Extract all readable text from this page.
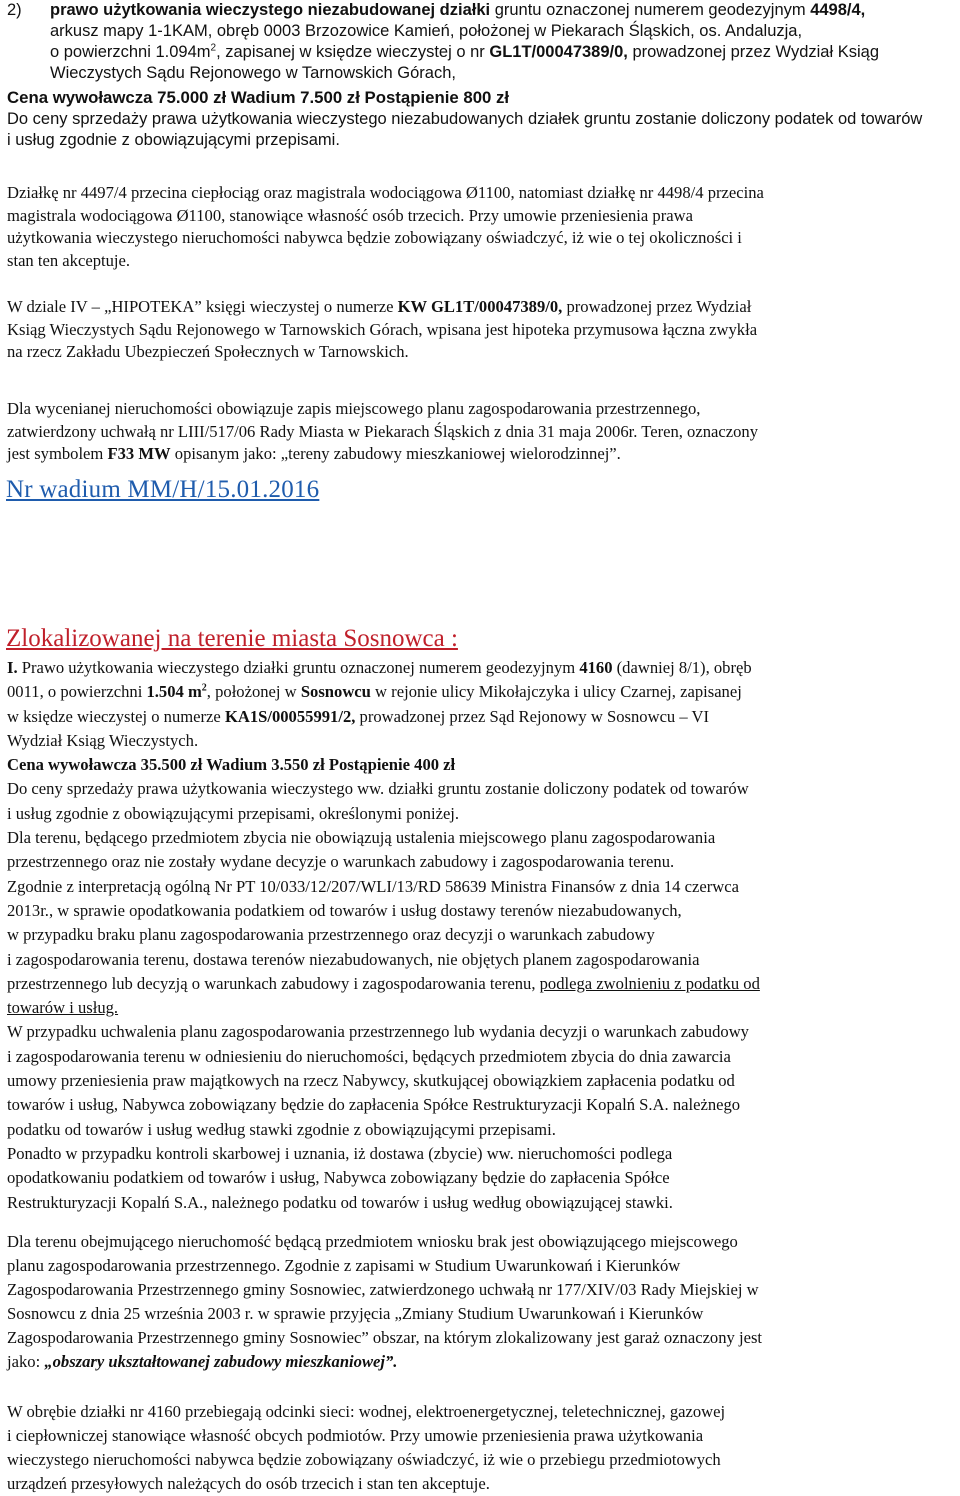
2) prawo użytkowania wieczystego niezabudowanej działki gruntu oznaczonej numerem geodezyjnym 4498/4,
arkusz mapy 1-1KAM, obręb 0003 Brzozowice Kamień, położonej w Piekarach Śląskich, os. Andaluzja,
o powierzchni $1.094m^2$, zapisanej w księdze wieczystej o nr GL1T/00047389/0, prowadzonej przez Wydział Ksiąg
Wieczystych Sądu Rejonowego w Tarnowskich Górach,
Cena wywoławcza 75.000 zł Wadium 7.500 zł Postąpienie 800 zł
Do ceny sprzedaży prawa użytkowania wieczystego niezabudowanych działek gruntu zostanie doliczony podatek od towarów
i usług zgodnie z obowiązującymi przepisami.
Działkę nr 4497/4 przecina ciepłociąg oraz magistrala wodociągowa Ø1100, natomiast działkę nr 4498/4 przecina
magistrala wodociągowa Ø1100, stanowiące własność osób trzecich. Przy umowie przeniesienia prawa
użytkowania wieczystego nieruchomości nabywca będzie zobowiązany oświadczyć, iż wie o tej okoliczności i
stan ten akceptuje.
W dziale IV – „HIPOTEKA” księgi wieczystej o numerze KW GL1T/00047389/0, prowadzonej przez Wydział
Ksiąg Wieczystych Sądu Rejonowego w Tarnowskich Górach, wpisana jest hipoteka przymusowa łączna zwykła
na rzecz Zakładu Ubezpieczeń Społecznych w Tarnowskich.
Dla wycenianej nieruchomości obowiązuje zapis miejscowego planu zagospodarowania przestrzennego,
zatwierdzony uchwałą nr LIII/517/06 Rady Miasta w Piekarach Śląskich z dnia 31 maja 2006r. Teren, oznaczony
jest symbolem F33 MW opisanym jako: „tereny zabudowy mieszkaniowej wielorodzinnej”.
Nr wadium MM/H/15.01.2016
Zlokalizowanej na terenie miasta Sosnowca :
I. Prawo użytkowania wieczystego działki gruntu oznaczonej numerem geodezyjnym 4160 (dawniej 8/1), obręb
0011, o powierzchni 1.504 $m^2$, położonej w Sosnowcu w rejonie ulicy Mikołajczyka i ulicy Czarnej, zapisanej
w księdze wieczystej o numerze KA1S/00055991/2, prowadzonej przez Sąd Rejonowy w Sosnowcu – VI
Wydział Ksiąg Wieczystych.
Cena wywoławcza 35.500 zł Wadium 3.550 zł Postąpienie 400 zł
Do ceny sprzedaży prawa użytkowania wieczystego ww. działki gruntu zostanie doliczony podatek od towarów
i usług zgodnie z obowiązującymi przepisami, określonymi poniżej.
Dla terenu, będącego przedmiotem zbycia nie obowiązują ustalenia miejscowego planu zagospodarowania
przestrzennego oraz nie zostały wydane decyzje o warunkach zabudowy i zagospodarowania terenu.
Zgodnie z interpretacją ogólną Nr PT 10/033/12/207/WLI/13/RD 58639 Ministra Finansów z dnia 14 czerwca
2013r., w sprawie opodatkowania podatkiem od towarów i usług dostawy terenów niezabudowanych,
w przypadku braku planu zagospodarowania przestrzennego oraz decyzji o warunkach zabudowy
i zagospodarowania terenu, dostawa terenów niezabudowanych, nie objętych planem zagospodarowania
przestrzennego lub decyzją o warunkach zabudowy i zagospodarowania terenu, podlega zwolnieniu z podatku od
towarów i usług.
W przypadku uchwalenia planu zagospodarowania przestrzennego lub wydania decyzji o warunkach zabudowy
i zagospodarowania terenu w odniesieniu do nieruchomości, będących przedmiotem zbycia do dnia zawarcia
umowy przeniesienia praw majątkowych na rzecz Nabywcy, skutkującej obowiązkiem zapłacenia podatku od
towarów i usług, Nabywca zobowiązany będzie do zapłacenia Spółce Restrukturyzacji Kopalń S.A. należnego
podatku od towarów i usług według stawki zgodnie z obowiązującymi przepisami.
Ponadto w przypadku kontroli skarbowej i uznania, iż dostawa (zbycie) ww. nieruchomości podlega
opodatkowaniu podatkiem od towarów i usług, Nabywca zobowiązany będzie do zapłacenia Spółce
Restrukturyzacji Kopalń S.A., należnego podatku od towarów i usług według obowiązującej stawki.
Dla terenu obejmującego nieruchomość będącą przedmiotem wniosku brak jest obowiązującego miejscowego
planu zagospodarowania przestrzennego. Zgodnie z zapisami w Studium Uwarunkowań i Kierunków
Zagospodarowania Przestrzennego gminy Sosnowiec, zatwierdzonego uchwałą nr 177/XIV/03 Rady Miejskiej w
Sosnowcu z dnia 25 września 2003 r. w sprawie przyjęcia „Zmiany Studium Uwarunkowań i Kierunków
Zagospodarowania Przestrzennego gminy Sosnowiec” obszar, na którym zlokalizowany jest garaż oznaczony jest
jako: „obszary ukształtowanej zabudowy mieszkaniowej”.
W obrębie działki nr 4160 przebiegają odcinki sieci: wodnej, elektroenergetycznej, teletechnicznej, gazowej
i ciepłowniczej stanowiące własność obcych podmiotów. Przy umowie przeniesienia prawa użytkowania
wieczystego nieruchomości nabywca będzie zobowiązany oświadczyć, iż wie o przebiegu przedmiotowych
urządzeń przesyłowych należących do osób trzecich i stan ten akceptuje.
